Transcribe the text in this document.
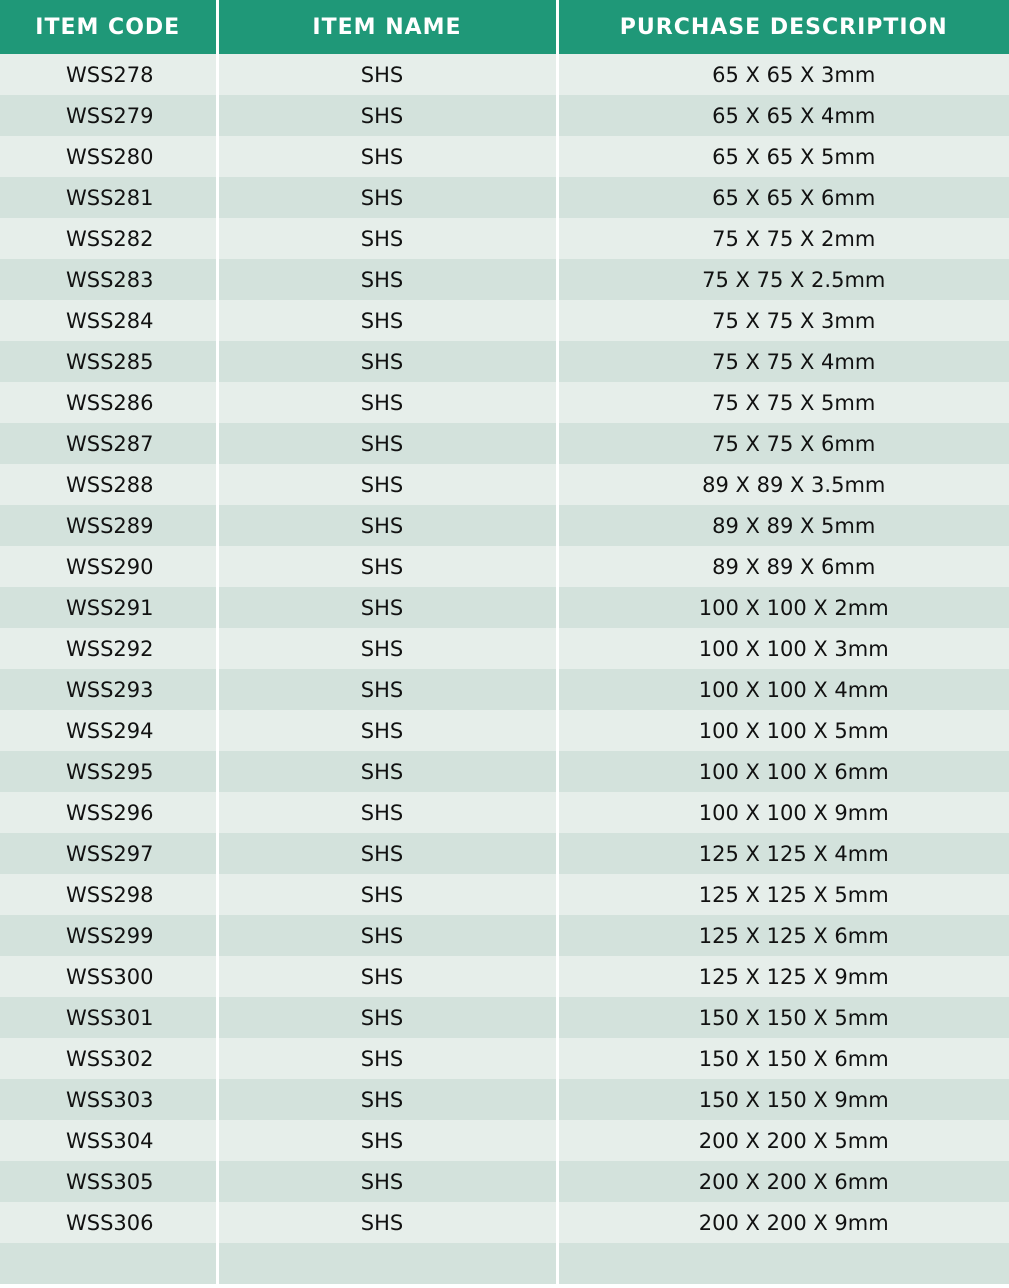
ITEM CODE	ITEM NAME	PURCHASE DESCRIPTION
WSS278	SHS	65 X 65 X 3mm
WSS279	SHS	65 X 65 X 4mm
WSS280	SHS	65 X 65 X 5mm
WSS281	SHS	65 X 65 X 6mm
WSS282	SHS	75 X 75 X 2mm
WSS283	SHS	75 X 75 X 2.5mm
WSS284	SHS	75 X 75 X 3mm
WSS285	SHS	75 X 75 X 4mm
WSS286	SHS	75 X 75 X 5mm
WSS287	SHS	75 X 75 X 6mm
WSS288	SHS	89 X 89 X 3.5mm
WSS289	SHS	89 X 89 X 5mm
WSS290	SHS	89 X 89 X 6mm
WSS291	SHS	100 X 100 X 2mm
WSS292	SHS	100 X 100 X 3mm
WSS293	SHS	100 X 100 X 4mm
WSS294	SHS	100 X 100 X 5mm
WSS295	SHS	100 X 100 X 6mm
WSS296	SHS	100 X 100 X 9mm
WSS297	SHS	125 X 125 X 4mm
WSS298	SHS	125 X 125 X 5mm
WSS299	SHS	125 X 125 X 6mm
WSS300	SHS	125 X 125 X 9mm
WSS301	SHS	150 X 150 X 5mm
WSS302	SHS	150 X 150 X 6mm
WSS303	SHS	150 X 150 X 9mm
WSS304	SHS	200 X 200 X 5mm
WSS305	SHS	200 X 200 X 6mm
WSS306	SHS	200 X 200 X 9mm
